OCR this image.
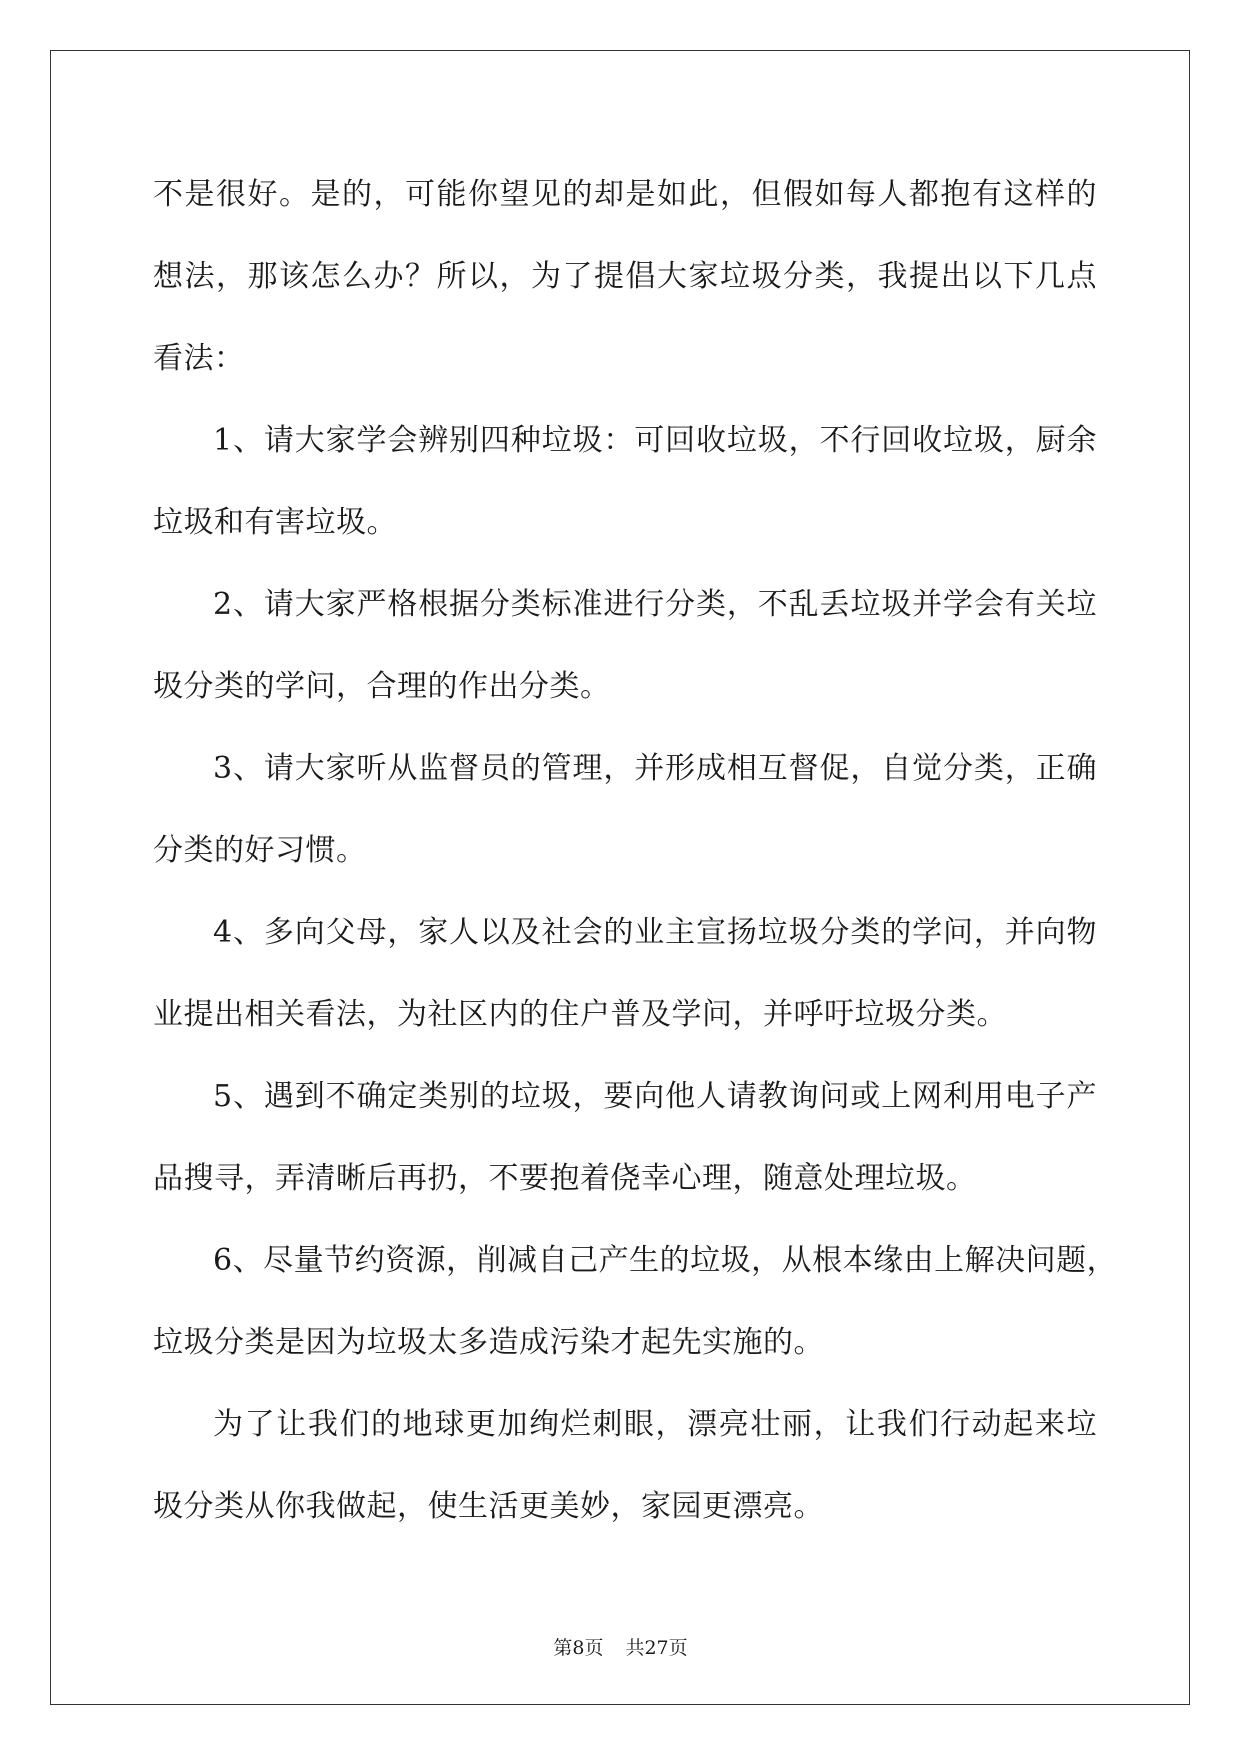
不是很好。是的，可能你望见的却是如此，但假如每人都抱有这样的
想法，那该怎么办？所以，为了提倡大家垃圾分类，我提出以下几点
看法：
1、请大家学会辨别四种垃圾：可回收垃圾，不行回收垃圾，厨余
垃圾和有害垃圾。
2、请大家严格根据分类标准进行分类，不乱丢垃圾并学会有关垃
圾分类的学问，合理的作出分类。
3、请大家听从监督员的管理，并形成相互督促，自觉分类，正确
分类的好习惯。
4、多向父母，家人以及社会的业主宣扬垃圾分类的学问，并向物
业提出相关看法，为社区内的住户普及学问，并呼吁垃圾分类。
5、遇到不确定类别的垃圾，要向他人请教询问或上网利用电子产
品搜寻，弄清晰后再扔，不要抱着侥幸心理，随意处理垃圾。
6、尽量节约资源，削减自己产生的垃圾，从根本缘由上解决问题，
垃圾分类是因为垃圾太多造成污染才起先实施的。
为了让我们的地球更加绚烂刺眼，漂亮壮丽，让我们行动起来垃
圾分类从你我做起，使生活更美妙，家园更漂亮。
第8页 共27页
